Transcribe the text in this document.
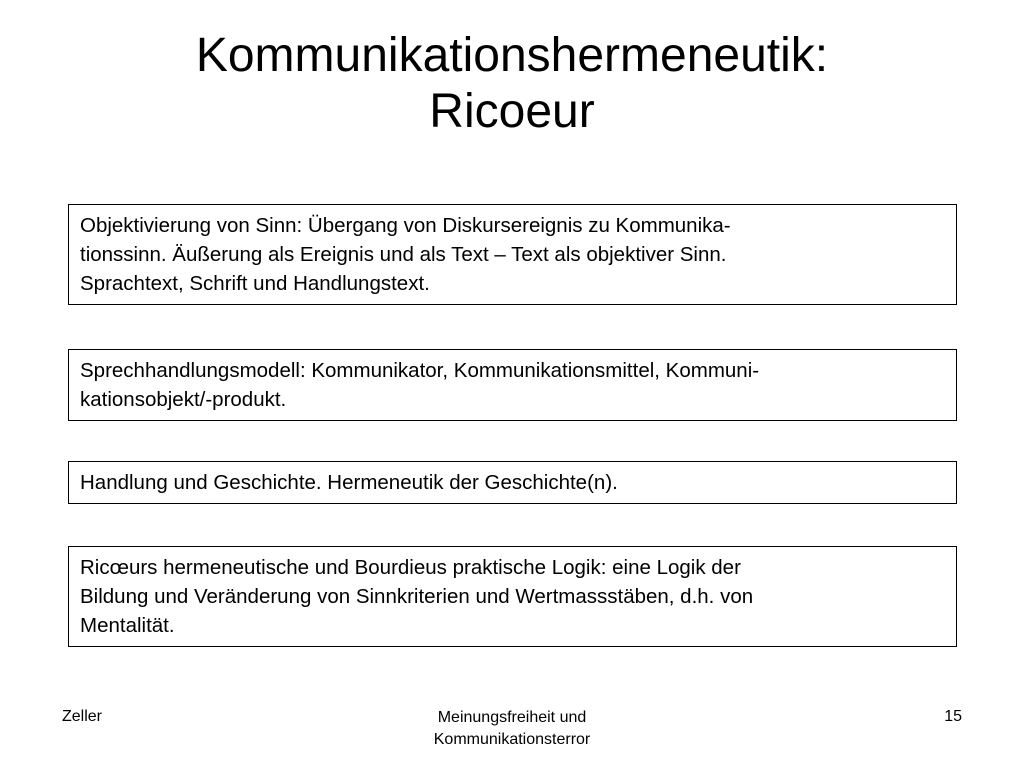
Kommunikationshermeneutik:
Ricoeur
Objektivierung von Sinn: Übergang von Diskursereignis zu Kommunika-
tionssinn. Äußerung als Ereignis und als Text – Text als objektiver Sinn.
Sprachtext, Schrift und Handlungstext.
Sprechhandlungsmodell: Kommunikator, Kommunikationsmittel, Kommuni-
kationsobjekt/-produkt.
Handlung und Geschichte. Hermeneutik der Geschichte(n).
Ricœurs hermeneutische und Bourdieus praktische Logik: eine Logik der
Bildung und Veränderung von Sinnkriterien und Wertmassstäben, d.h. von
Mentalität.
Zeller	Meinungsfreiheit und
Kommunikationsterror
15
